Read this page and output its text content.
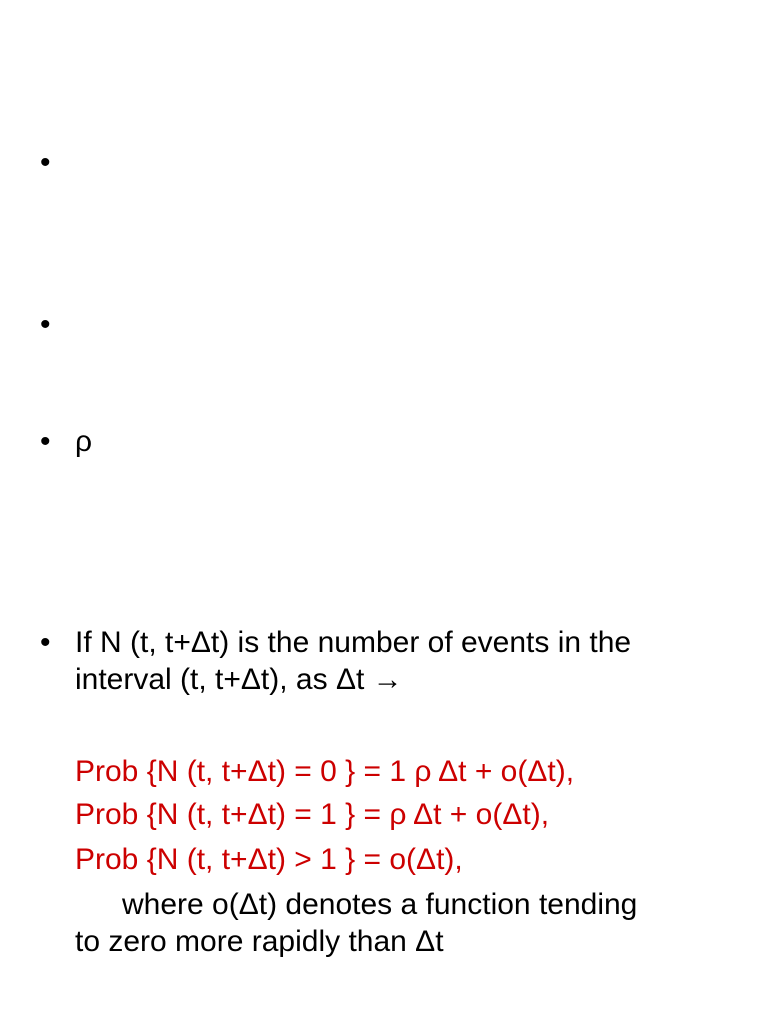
•
•
• ρ
• If N (t, t+Δt) is the number of events in the
interval (t, t+Δt), as Δt →
Prob {N (t, t+Δt) = 0 } = 1 ρ Δt + o(Δt),
Prob {N (t, t+Δt) = 1 } = ρ Δt + o(Δt),
Prob {N (t, t+Δt) > 1 } = o(Δt),
where o(Δt) denotes a function tending
to zero more rapidly than Δt
